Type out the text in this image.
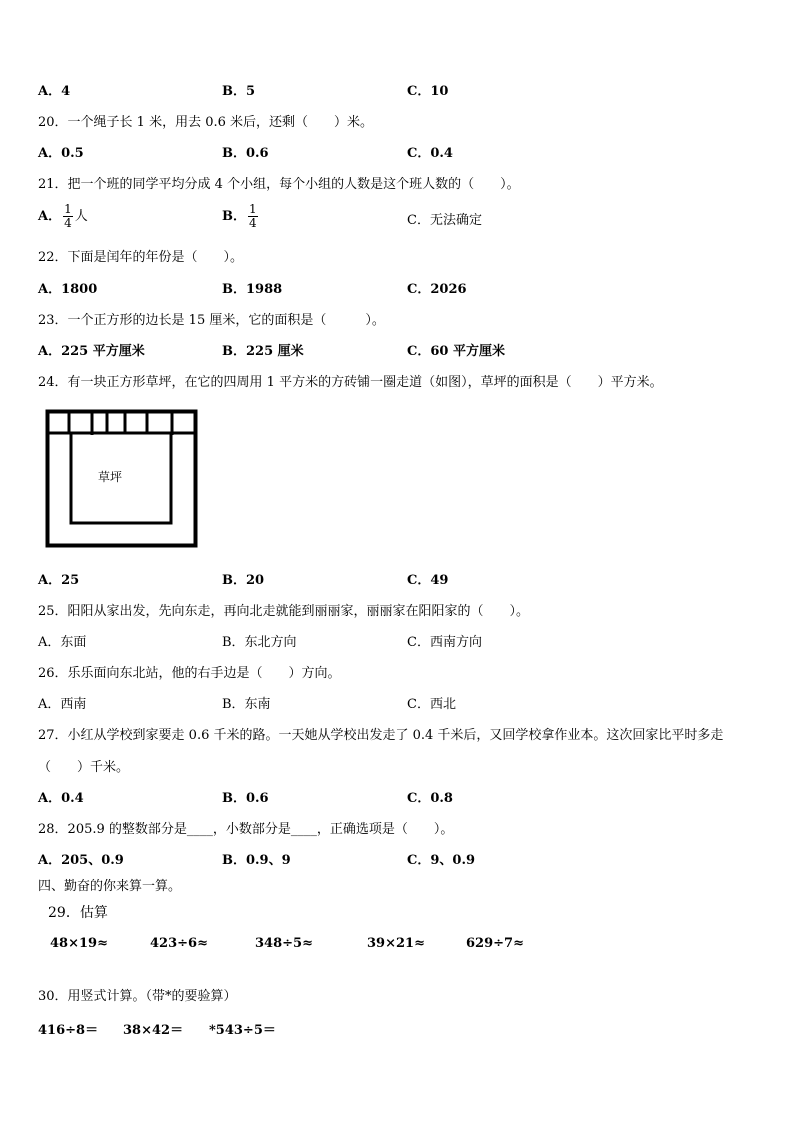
A．4	B．5	C．10
20．一个绳子长 1 米，用去 0.6 米后，还剩（　　）米。
A．0.5	B．0.6	C．0.4
21．把一个班的同学平均分成 4 个小组，每个小组的人数是这个班人数的（　　）。
A． $\frac{1}{4}$ 人	B． $\frac{1}{4}$	C．无法确定
22．下面是闰年的年份是（　　）。
A．1800	B．1988	C．2026
23．一个正方形的边长是 15 厘米，它的面积是（　　　）。
A．225 平方厘米	B．225 厘米	C．60 平方厘米
24．有一块正方形草坪，在它的四周用 1 平方米的方砖铺一圈走道（如图），草坪的面积是（　　）平方米。
草坪
A．25	B．20	C．49
25．阳阳从家出发，先向东走，再向北走就能到丽丽家，丽丽家在阳阳家的（　　）。
A．东面	B．东北方向	C．西南方向
26．乐乐面向东北站，他的右手边是（　　）方向。
A．西南	B．东南	C．西北
27．小红从学校到家要走 0.6 千米的路。一天她从学校出发走了 0.4 千米后，又回学校拿作业本。这次回家比平时多走
（　　）千米。
A．0.4	B．0.6	C．0.8
28．205.9 的整数部分是____，小数部分是____，正确选项是（　　）。
A．205、0.9	B．0.9、9	C．9、0.9
四、勤奋的你来算一算。
29．估算
48×19≈	423÷6≈	348÷5≈	39×21≈	629÷7≈
30．用竖式计算。（带*的要验算）
416÷8＝ 38×42＝ *543÷5＝
